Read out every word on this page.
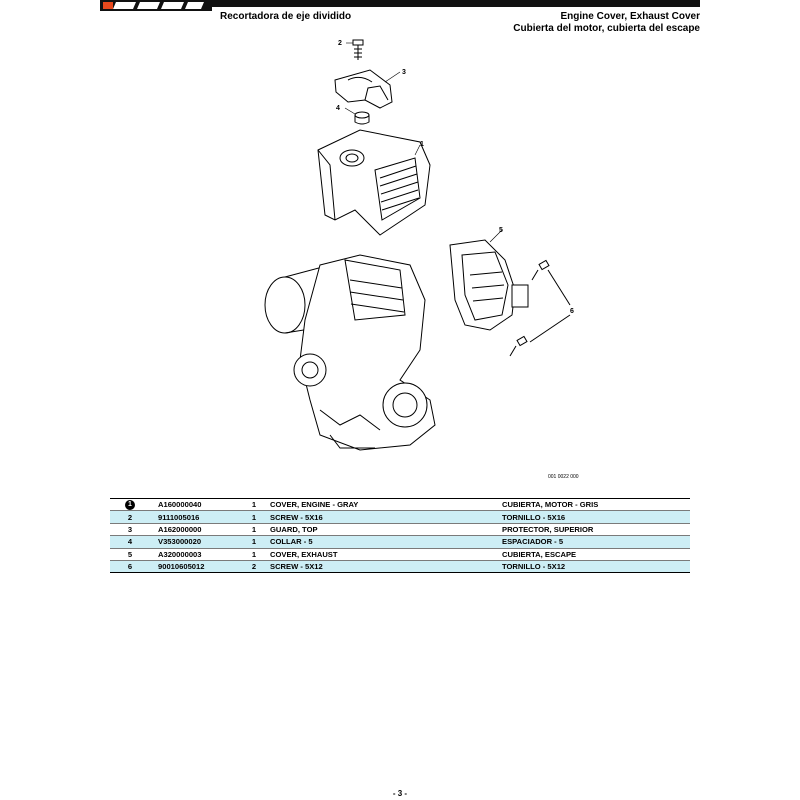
Recortadora de eje dividido	Engine Cover, Exhaust Cover
Cubierta del motor, cubierta del escape
2
3
4
1
5
6
001 0022 000
1	A160000040	1	COVER, ENGINE - GRAY	CUBIERTA, MOTOR - GRIS
2	9111005016	1	SCREW - 5X16	TORNILLO - 5X16
3	A162000000	1	GUARD, TOP	PROTECTOR, SUPERIOR
4	V353000020	1	COLLAR - 5	ESPACIADOR - 5
5	A320000003	1	COVER, EXHAUST	CUBIERTA, ESCAPE
6	90010605012	2	SCREW - 5X12	TORNILLO - 5X12
- 3 -
